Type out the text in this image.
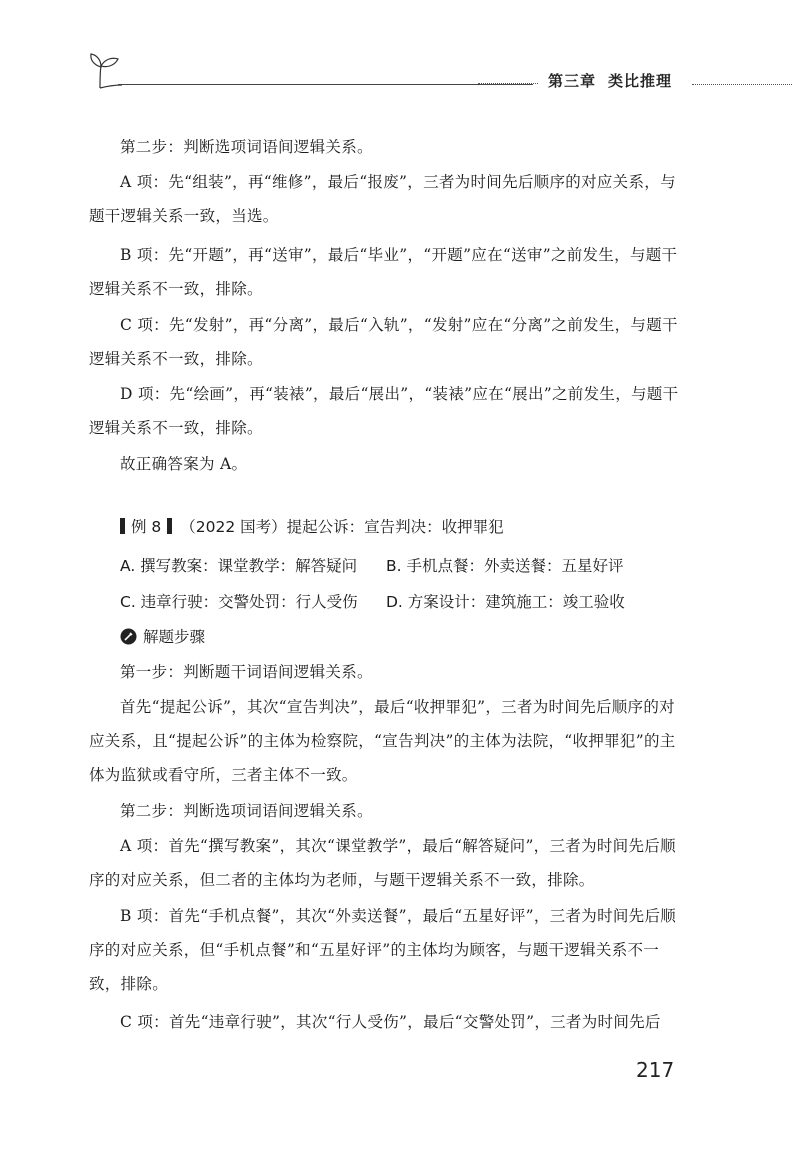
第三章 类比推理

第二步：判断选项词语间逻辑关系。

A 项：先“组装”，再“维修”，最后“报废”，三者为时间先后顺序的对应关系，与题干逻辑关系一致，当选。

B 项：先“开题”，再“送审”，最后“毕业”，“开题”应在“送审”之前发生，与题干逻辑关系不一致，排除。

C 项：先“发射”，再“分离”，最后“入轨”，“发射”应在“分离”之前发生，与题干逻辑关系不一致，排除。

D 项：先“绘画”，再“装裱”，最后“展出”，“装裱”应在“展出”之前发生，与题干逻辑关系不一致，排除。

故正确答案为 A。

例 8 （2022 国考）提起公诉：宣告判决：收押罪犯
A. 撰写教案：课堂教学：解答疑问 B. 手机点餐：外卖送餐：五星好评
C. 违章行驶：交警处罚：行人受伤 D. 方案设计：建筑施工：竣工验收
解题步骤

第一步：判断题干词语间逻辑关系。

首先“提起公诉”，其次“宣告判决”，最后“收押罪犯”，三者为时间先后顺序的对应关系，且“提起公诉”的主体为检察院，“宣告判决”的主体为法院，“收押罪犯”的主体为监狱或看守所，三者主体不一致。

第二步：判断选项词语间逻辑关系。

A 项：首先“撰写教案”，其次“课堂教学”，最后“解答疑问”，三者为时间先后顺序的对应关系，但二者的主体均为老师，与题干逻辑关系不一致，排除。

B 项：首先“手机点餐”，其次“外卖送餐”，最后“五星好评”，三者为时间先后顺序的对应关系，但“手机点餐”和“五星好评”的主体均为顾客，与题干逻辑关系不一致，排除。

C 项：首先“违章行驶”，其次“行人受伤”，最后“交警处罚”，三者为时间先后

217
